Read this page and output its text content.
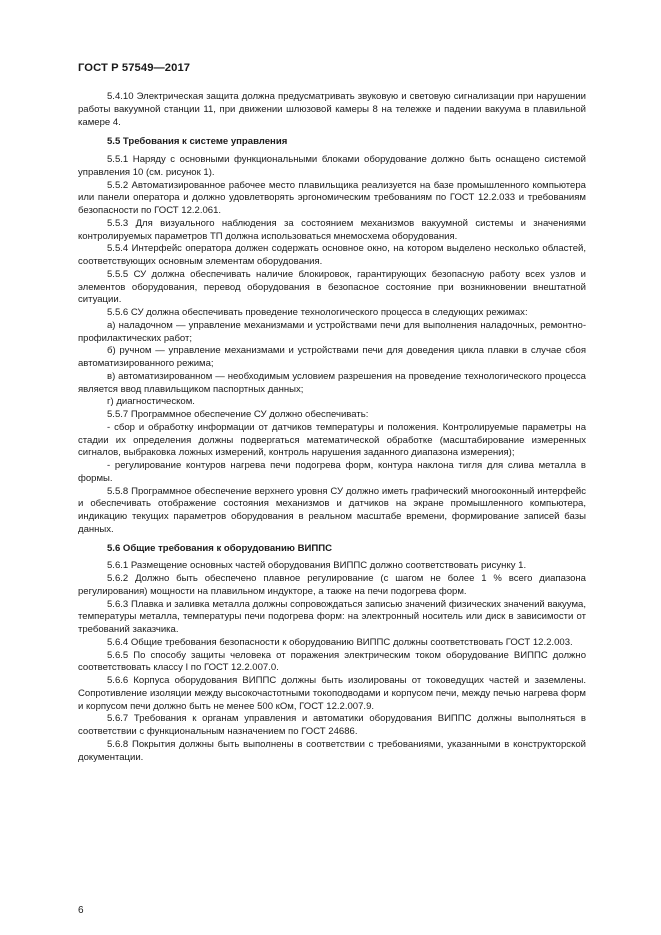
ГОСТ Р 57549—2017

5.4.10 Электрическая защита должна предусматривать звуковую и световую сигнализации при нарушении работы вакуумной станции 11, при движении шлюзовой камеры 8 на тележке и падении вакуума в плавильной камере 4.

5.5 Требования к системе управления

5.5.1 Наряду с основными функциональными блоками оборудование должно быть оснащено системой управления 10 (см. рисунок 1).

5.5.2 Автоматизированное рабочее место плавильщика реализуется на базе промышленного компьютера или панели оператора и должно удовлетворять эргономическим требованиям по ГОСТ 12.2.033 и требованиям безопасности по ГОСТ 12.2.061.

5.5.3 Для визуального наблюдения за состоянием механизмов вакуумной системы и значениями контролируемых параметров ТП должна использоваться мнемосхема оборудования.

5.5.4 Интерфейс оператора должен содержать основное окно, на котором выделено несколько областей, соответствующих основным элементам оборудования.

5.5.5 СУ должна обеспечивать наличие блокировок, гарантирующих безопасную работу всех узлов и элементов оборудования, перевод оборудования в безопасное состояние при возникновении внештатной ситуации.

5.5.6 СУ должна обеспечивать проведение технологического процесса в следующих режимах:

а) наладочном — управление механизмами и устройствами печи для выполнения наладочных, ремонтно-профилактических работ;

б) ручном — управление механизмами и устройствами печи для доведения цикла плавки в случае сбоя автоматизированного режима;

в) автоматизированном — необходимым условием разрешения на проведение технологического процесса является ввод плавильщиком паспортных данных;

г) диагностическом.

5.5.7 Программное обеспечение СУ должно обеспечивать:

- сбор и обработку информации от датчиков температуры и положения. Контролируемые параметры на стадии их определения должны подвергаться математической обработке (масштабирование измеренных сигналов, выбраковка ложных измерений, контроль нарушения заданного диапазона измерения);

- регулирование контуров нагрева печи подогрева форм, контура наклона тигля для слива металла в формы.

5.5.8 Программное обеспечение верхнего уровня СУ должно иметь графический многооконный интерфейс и обеспечивать отображение состояния механизмов и датчиков на экране промышленного компьютера, индикацию текущих параметров оборудования в реальном масштабе времени, формирование записей базы данных.

5.6 Общие требования к оборудованию ВИППС

5.6.1 Размещение основных частей оборудования ВИППС должно соответствовать рисунку 1.

5.6.2 Должно быть обеспечено плавное регулирование (с шагом не более 1 % всего диапазона регулирования) мощности на плавильном индукторе, а также на печи подогрева форм.

5.6.3 Плавка и заливка металла должны сопровождаться записью значений физических значений вакуума, температуры металла, температуры печи подогрева форм: на электронный носитель или диск в зависимости от требований заказчика.

5.6.4 Общие требования безопасности к оборудованию ВИППС должны соответствовать ГОСТ 12.2.003.

5.6.5 По способу защиты человека от поражения электрическим током оборудование ВИППС должно соответствовать классу I по ГОСТ 12.2.007.0.

5.6.6 Корпуса оборудования ВИППС должны быть изолированы от токоведущих частей и заземлены. Сопротивление изоляции между высокочастотными токоподводами и корпусом печи, между печью нагрева форм и корпусом печи должно быть не менее 500 кОм, ГОСТ 12.2.007.9.

5.6.7 Требования к органам управления и автоматики оборудования ВИППС должны выполняться в соответствии с функциональным назначением по ГОСТ 24686.

5.6.8 Покрытия должны быть выполнены в соответствии с требованиями, указанными в конструкторской документации.

6
